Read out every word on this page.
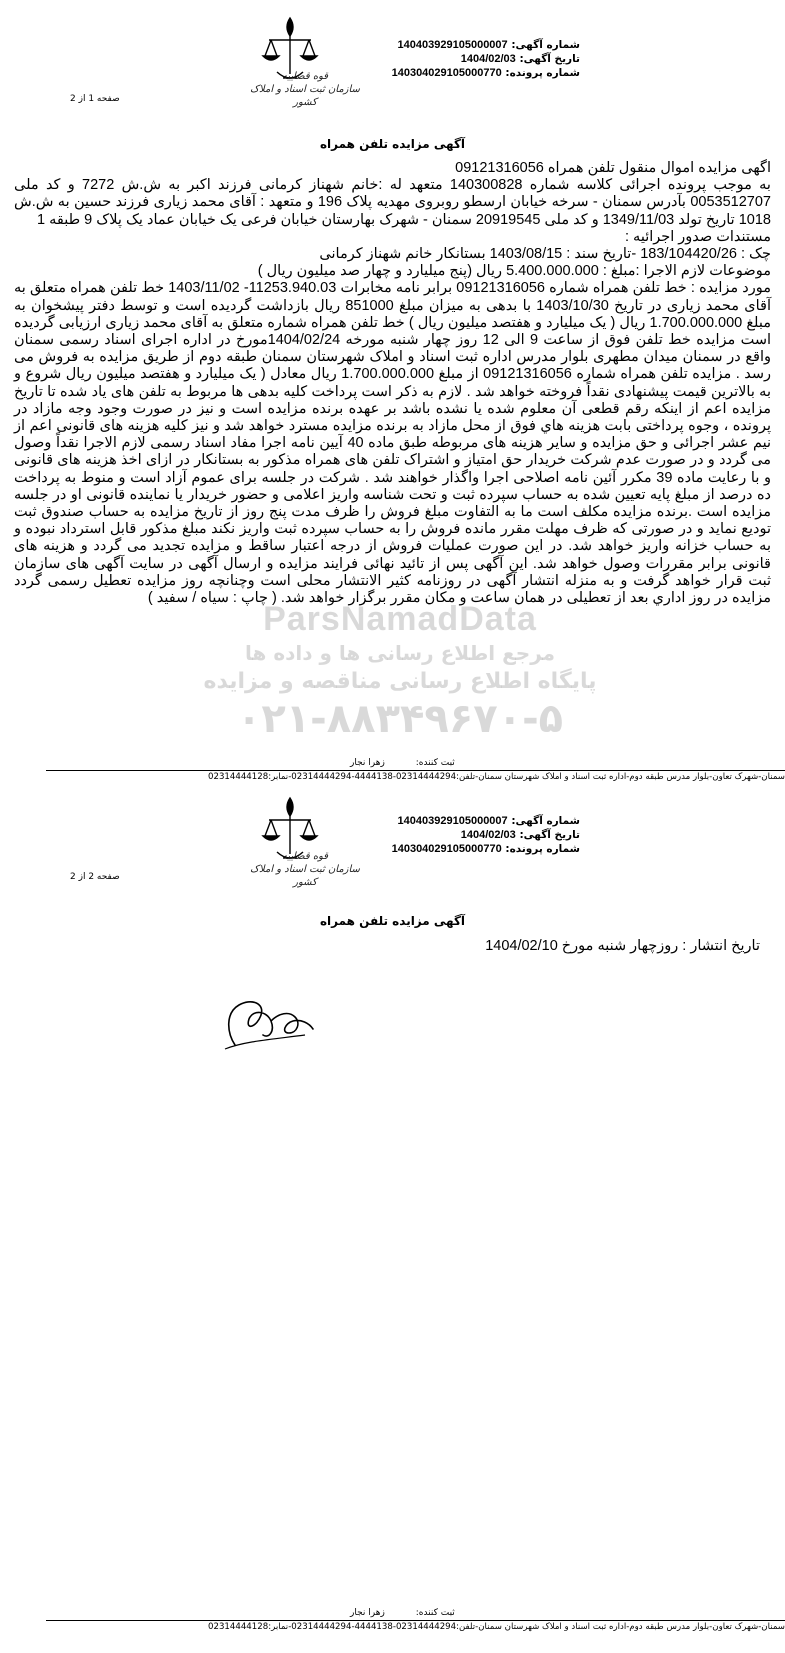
شماره آگهی: 140403929105000007
تاریخ آگهی: 1404/02/03
شماره پرونده: 140304029105000770
قوه قضاییه
سازمان ثبت اسناد و املاک کشور
صفحه 1 از 2
آگهی مزایده تلفن همراه

اگهی مزایده اموال منقول تلفن همراه 09121316056

به موجب پرونده اجرائی کلاسه شماره 140300828 متعهد له :خانم شهناز کرمانی فرزند اکبر به ش.ش 7272 و کد ملی 0053512707 بآدرس سمنان - سرخه خیابان ارسطو روبروی مهدیه پلاک 196 و متعهد : آقای محمد زیاری فرزند حسین به ش.ش 1018 تاریخ تولد 1349/11/03 و کد ملی 20919545 سمنان - شهرک بهارستان خیابان فرعی یک خیابان عماد یک پلاک 9 طبقه 1

مستندات صدور اجرائیه :

چک : 183/104420/26 -تاریخ سند : 1403/08/15 بستانکار خانم شهناز کرمانی

موضوعات لازم الاجرا :مبلغ : 5.400.000.000 ریال (پنج میلیارد و چهار صد میلیون ریال )

مورد مزایده : خط تلفن همراه شماره 09121316056 برابر نامه مخابرات 11253.940.03- 1403/11/02 خط تلفن همراه متعلق به آقای محمد زیاری در تاریخ 1403/10/30 با بدهی به میزان مبلغ 851000 ریال بازداشت گردیده است و توسط دفتر پیشخوان به مبلغ 1.700.000.000 ریال ( یک میلیارد و هفتصد میلیون ریال ) خط تلفن همراه شماره متعلق به آقای محمد زیاری ارزیابی گردیده است مزایده خط تلفن فوق از ساعت 9 الی 12 روز چهار شنبه مورخه 1404/02/24مورخ در اداره اجرای اسناد رسمی سمنان واقع در سمنان میدان مطهری بلوار مدرس اداره ثبت اسناد و املاک شهرستان سمنان طبقه دوم از طریق مزایده به فروش می رسد . مزایده تلفن همراه شماره 09121316056 از مبلغ 1.700.000.000 ریال معادل ( یک میلیارد و هفتصد میلیون ریال شروع و به بالاترین قیمت پیشنهادی نقداً فروخته خواهد شد . لازم به ذکر است پرداخت کلیه بدهی ها مربوط به تلفن های یاد شده تا تاریخ مزایده اعم از اینکه رقم قطعی آن معلوم شده یا نشده باشد بر عهده برنده مزایده است و نیز در صورت وجود وجه مازاد در پرونده ، وجوه پرداختی بابت هزینه هاي فوق از محل مازاد به برنده مزایده مسترد خواهد شد و نیز کلیه هزینه های قانونی اعم از نیم عشر اجرائی و حق مزایده و سایر هزینه های مربوطه طبق ماده 40 آیین نامه اجرا مفاد اسناد رسمی لازم الاجرا نقداً وصول می گردد و در صورت عدم شرکت خریدار حق امتیاز و اشتراک تلفن های همراه مذکور به بستانکار در ازای اخذ هزینه های قانونی و با رعایت ماده 39 مکرر آئین نامه اصلاحی اجرا واگذار خواهند شد . شرکت در جلسه برای عموم آزاد است و منوط به پرداخت ده درصد از مبلغ پایه تعیین شده به حساب سپرده ثبت و تحت شناسه واریز اعلامی و حضور خریدار یا نماینده قانونی او در جلسه مزایده است .برنده مزایده مکلف است ما به التفاوت مبلغ فروش را ظرف مدت پنج روز از تاریخ مزایده به حساب صندوق ثبت تودیع نماید و در صورتی که ظرف مهلت مقرر مانده فروش را به حساب سپرده ثبت واریز نکند مبلغ مذکور قابل استرداد نبوده و به حساب خزانه واریز خواهد شد. در این صورت عملیات فروش از درجه اعتبار ساقط و مزایده تجدید می گردد و هزینه های قانونی برابر مقررات وصول خواهد شد. این آگهی پس از تائید نهائی فرایند مزایده و ارسال آگهی در سایت آگهی های سازمان ثبت قرار خواهد گرفت و به منزله انتشار آگهی در روزنامه کثیر الانتشار محلی است وچنانچه روز مزایده تعطیل رسمی گردد مزایده در روز اداري بعد از تعطیلی در همان ساعت و مکان مقرر برگزار خواهد شد. ( چاپ : سیاه / سفید )

ثبت کننده: زهرا نجار
سمنان-شهرک تعاون-بلوار مدرس طبقه دوم-اداره ثبت اسناد و املاک شهرستان سمنان-تلفن:02314444294-4444138-02314444294-نمابر:02314444128
شماره آگهی: 140403929105000007
تاریخ آگهی: 1404/02/03
شماره پرونده: 140304029105000770
قوه قضاییه
سازمان ثبت اسناد و املاک کشور
صفحه 2 از 2
آگهی مزایده تلفن همراه
تاریخ انتشار : روزچهار شنبه مورخ 1404/02/10
ثبت کننده: زهرا نجار
سمنان-شهرک تعاون-بلوار مدرس طبقه دوم-اداره ثبت اسناد و املاک شهرستان سمنان-تلفن:02314444294-4444138-02314444294-نمابر:02314444128
ParsNamadData
مرجع اطلاع رسانی ها و داده ها
پایگاه اطلاع رسانی مناقصه و مزایده
۰۲۱-۸۸۳۴۹۶۷۰-۵
